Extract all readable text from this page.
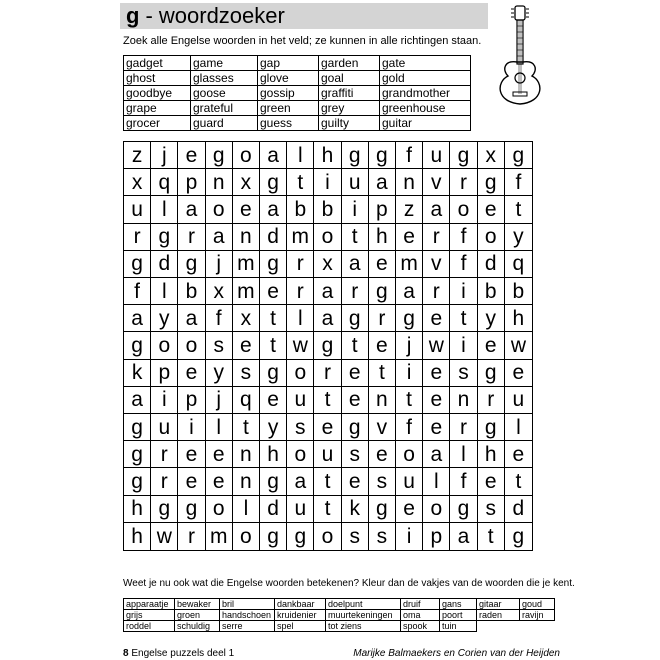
g - woordzoeker
Zoek alle Engelse woorden in het veld; ze kunnen in alle richtingen staan.
gadget	game	gap	garden	gate
ghost	glasses	glove	goal	gold
goodbye	goose	gossip	graffiti	grandmother
grape	grateful	green	grey	greenhouse
grocer	guard	guess	guilty	guitar
z j e g o a l h g g f u g x g
x q p n x g t	i u a n v r g f
u l a o e a b b i p z a o e t
r g r a n d m o t h e r f o y
g d g j m g r x a e m v f d q
f	l b x m e r a r g a r	i b b
a y a f x t	l a g r g e t y h
g o o s e t w g t e j w i e w
k p e y s g o r e t	i e s g e
a i p j q e u t e n t e n r u
g u i	l	t y s e g v f e r g l
g r e e n h o u s e o a l h e
g r e e n g a t e s u l	f e t
h g g o l d u t k g e o g s d
h w r m o g g o s s i p a t g
Weet je nu ook wat die Engelse woorden betekenen? Kleur dan de vakjes van de woorden die je kent.
apparaatje	bewaker	bril	dankbaar	doelpunt	druif	gans	gitaar	goud
grijs	groen	handschoen	kruidenier	muurtekeningen	oma	poort	raden	ravijn
roddel	schuldig	serre	spel	tot ziens	spook	tuin		
8 Engelse puzzels deel 1	Marijke Balmaekers en Corien van der Heijden
